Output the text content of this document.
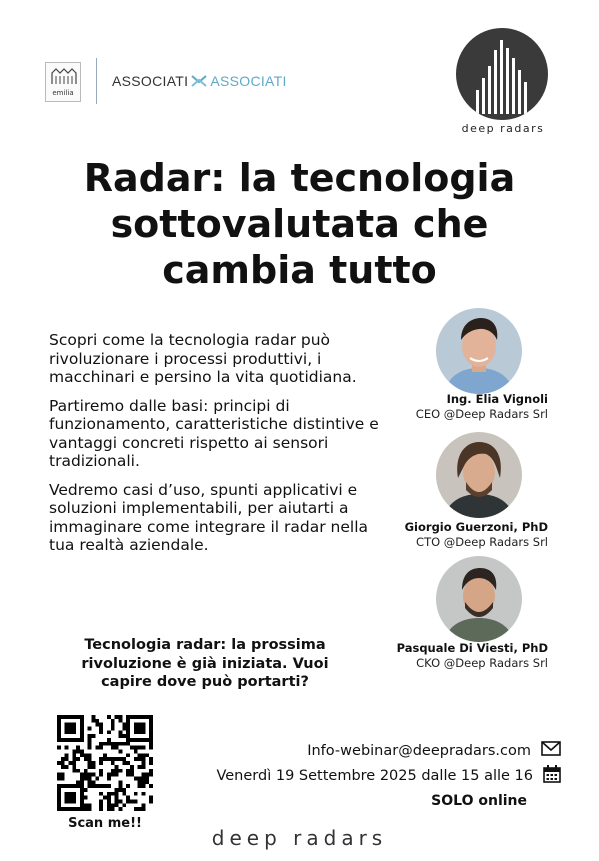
emilia
ASSOCIATI ASSOCIATI
deep radars
Radar: la tecnologia
sottovalutata che
cambia tutto

Scopri come la tecnologia radar può rivoluzionare i processi produttivi, i macchinari e persino la vita quotidiana.

Partiremo dalle basi: principi di funzionamento, caratteristiche distintive e vantaggi concreti rispetto ai sensori tradizionali.

Vedremo casi d’uso, spunti applicativi e soluzioni implementabili, per aiutarti a immaginare come integrare il radar nella tua realtà aziendale.

Tecnologia radar: la prossima
rivoluzione è già iniziata. Vuoi
capire dove può portarti?
Ing. Elia Vignoli
CEO @Deep Radars Srl
Giorgio Guerzoni, PhD
CTO @Deep Radars Srl
Pasquale Di Viesti, PhD
CKO @Deep Radars Srl
Scan me!!
Info-webinar@deepradars.com
Venerdì 19 Settembre 2025 dalle 15 alle 16
SOLO online
deep radars
